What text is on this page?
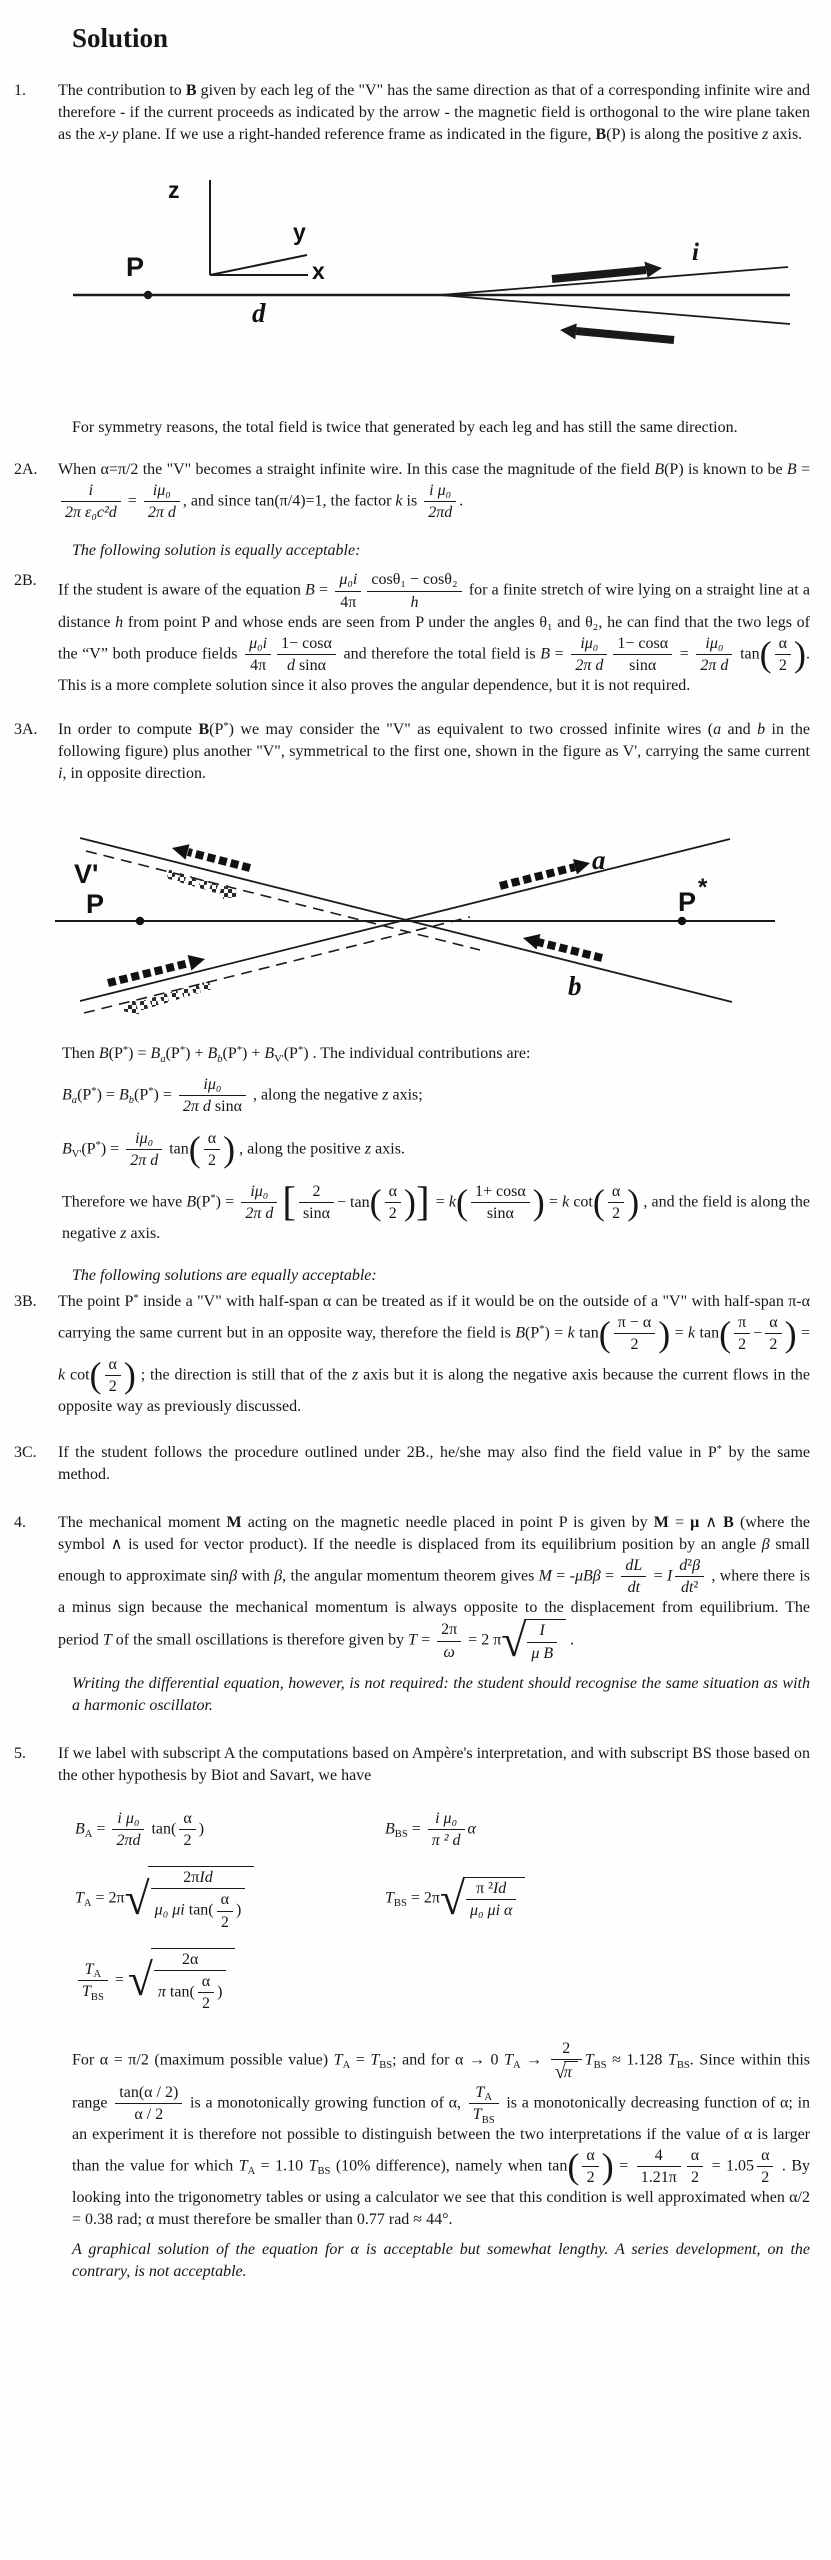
Solution
1.	The contribution to B given by each leg of the "V" has the same direction as that of a corresponding infinite wire and therefore - if the current proceeds as indicated by the arrow - the magnetic field is orthogonal to the wire plane taken as the x-y plane. If we use a right-handed reference frame as indicated in the figure, B(P) is along the positive z axis.
z
y
x
P
d
i
For symmetry reasons, the total field is twice that generated by each leg and has still the same direction.
2A.	When α=π/2 the "V" becomes a straight infinite wire. In this case the magnitude of the field B(P) is known to be B =
$\frac{i}{\text{2π ε₀c²d}} = \frac{\text{iμ₀}}{\text{2π d}}$ , and since tan(π/4)=1, the factor k is $\frac{\text{i μ₀}}{2\pi d}$ .
The following solution is equally acceptable:
2B.
If the student is aware of the equation $B = \frac{\text{μ₀i}}{4\pi} \frac{\text{cosθ₁ − cosθ₂}}{h}$ for a finite stretch of wire lying on a straight line at a distance h from point P and whose ends are seen from P under the angles θ₁ and θ₂, he can find that the two legs of the “V” both produce fields $\frac{\text{μ₀i}}{4\pi} \frac{1- \cos\alpha}{\text{d sinα}}$ and therefore the total field is $B = \frac{\text{iμ₀}}{\text{2π d}} \frac{1- \cos\alpha}{\sin\alpha} = \frac{\text{iμ₀}}{\text{2π d}}$ tan ( $\frac{\alpha}{2}$
) . This is a more complete solution since it also proves the angular dependence, but it is not required.
3A.	In order to compute B(P*) we may consider the "V" as equivalent to two crossed infinite wires (a and b in the following figure) plus another "V", symmetrical to the first one, shown in the figure as V', carrying the same current i, in opposite direction.
V'
P	P *
a
b
Then $B(P^*) = B_a(P^*) + B_b(P^*) + B_{V'}(P^*)$ . The individual contributions are:
$B_a(P^*) = B_b(P^*) = \frac{\text{iμ₀}}{\text{2π d sinα}}$ , along the negative z axis;
$B_{V'}(P^*) = \frac{\text{iμ₀}}{\text{2π d}}$ tan ( $\frac{\alpha}{2}$
) , along the positive z axis.
Therefore we have $B(P^*) = \frac{\text{iμ₀}}{\text{2π d}}$ [ $\frac{2}{\sin\alpha} - \tan$ ( $\frac{\alpha}{2}$
)
] = k ( $\frac{1+ \cos\alpha}{\sin\alpha}$
) = k cot ( $\frac{\alpha}{2}$
) , and the field is along the negative z axis.
The following solutions are equally acceptable:
3B.	The point P* inside a "V" with half-span α can be treated as if it would be on the outside of a "V" with half-span π-α carrying the same current but in an opposite way, therefore the field is B(P*) = k tan ( $\frac{\pi - \alpha}{2}$
) = k tan ( $\frac{\pi}{2} - \frac{\alpha}{2}$
) = k cot ( $\frac{\alpha}{2}$
) ; the direction is still that of the z axis but it is along the negative axis because the current flows in the opposite way as previously discussed.
3C.	If the student follows the procedure outlined under 2B., he/she may also find the field value in P* by the same method.
4.	The mechanical moment M acting on the magnetic needle placed in point P is given by M = μ ∧ B (where the symbol ∧ is used for vector product). If the needle is displaced from its equilibrium position by an angle β small enough to approximate sinβ with β, the angular momentum theorem gives $M = -\mu B\beta = \frac{dL}{dt} = I \frac{\text{d²β}}{\text{dt²}}$ , where there is a minus sign because the mechanical momentum is always opposite to the displacement from equilibrium. The period T of the small oscillations is therefore given by $T = \frac{2\pi}{\omega} = 2$ π √ $\frac{I}{\text{μ B}}$ .
Writing the differential equation, however, is not required: the student should recognise the same situation as with a harmonic oscillator.
5.	If we label with subscript A the computations based on Ampère's interpretation, and with subscript BS those based on the other hypothesis by Biot and Savart, we have
$B_A = \frac{\text{i μ₀}}{2\pi d} \tan( \frac{\alpha}{2}$ )	$B_{BS} = \frac{\text{i μ₀}}{\text{π ² d}}$ α
$T_A = 2\pi$ √ $\frac{\text{2πId}}{\mu_0 \mu i \tan( \frac{\alpha}{2} )}$	$T_{BS} = 2\pi$ √ $\frac{\text{π ²Id}}{\text{μ₀ μi α}}$
$\frac{T_A}{T_{BS}}$ = √ $\frac{2\alpha}{\pi \tan( \frac{\alpha}{2} )}$
For α = π/2 (maximum possible value) $T_A = T_{BS}$; and for α → 0 $T_A \to 2$
√
π $T_{BS} \approx 1.128$ $T_{BS}$. Since within this range $\frac{\tan(\alpha / 2)}{\alpha / 2}$ is a monotonically growing function of α, $\frac{T_A}{T_{BS}}$ is a monotonically decreasing function of α; in an experiment it is therefore not possible to distinguish between the two interpretations if the value of α is larger than the value for which $T_A = 1.10$ $T_{BS}$ (10% difference), namely when tan ( $\frac{\alpha}{2}$
) = $\frac{4}{1.21\pi} \frac{\alpha}{2} = 1.05 \frac{\alpha}{2}$ . By looking into the trigonometry tables or using a calculator we see that this condition is well approximated when α/2 = 0.38 rad; α must therefore be smaller than 0.77 rad ≈ 44°.
A graphical solution of the equation for α is acceptable but somewhat lengthy. A series development, on the contrary, is not acceptable.
